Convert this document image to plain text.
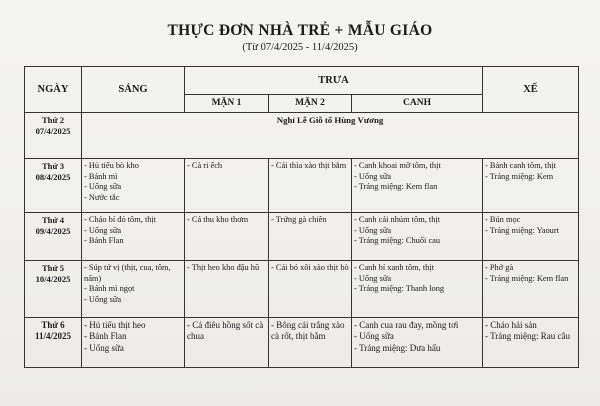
THỰC ĐƠN NHÀ TRẺ + MẪU GIÁO
(Từ 07/4/2025 - 11/4/2025)
NGÀY	SÁNG	TRƯA			XẾ
		MẶN 1	MẶN 2	CANH	

Thứ 2
07/4/2025	Nghỉ Lễ Giỗ tổ Hùng Vương				

Thứ 3
08/4/2025	- Hủ tiếu bò kho
- Bánh mì
- Uống sữa
- Nước tắc	- Cà ri ếch	- Cải thìa xào thịt bằm	- Canh khoai mỡ tôm, thịt
- Uống sữa
- Tráng miệng: Kem flan	- Bánh canh tôm, thịt
- Tráng miệng: Kem

Thứ 4
09/4/2025	- Cháo bí đỏ tôm, thịt
- Uống sữa
- Bánh Flan	- Cá thu kho thơm	- Trứng gà chiên	- Canh cải nhúm tôm, thịt
- Uống sữa
- Tráng miệng: Chuối cau	- Bún mọc
- Tráng miệng: Yaourt

Thứ 5
10/4/2025	- Súp tứ vị (thịt, cua, tôm, nấm)
- Bánh mì ngọt
- Uống sữa	- Thịt heo kho đậu hũ	- Cải bó xôi xào thịt bò	- Canh bí xanh tôm, thịt
- Uống sữa
- Tráng miệng: Thanh long	- Phở gà
- Tráng miệng: Kem flan

Thứ 6
11/4/2025	- Hủ tiếu thịt heo
- Bánh Flan
- Uống sữa	- Cá điêu hồng sốt cà chua	- Bông cải trắng xào cà rốt, thịt bằm	- Canh cua rau đay, mồng tơi
- Uống sữa
- Tráng miệng: Dưa hấu	- Cháo hải sản
- Tráng miệng: Rau câu
